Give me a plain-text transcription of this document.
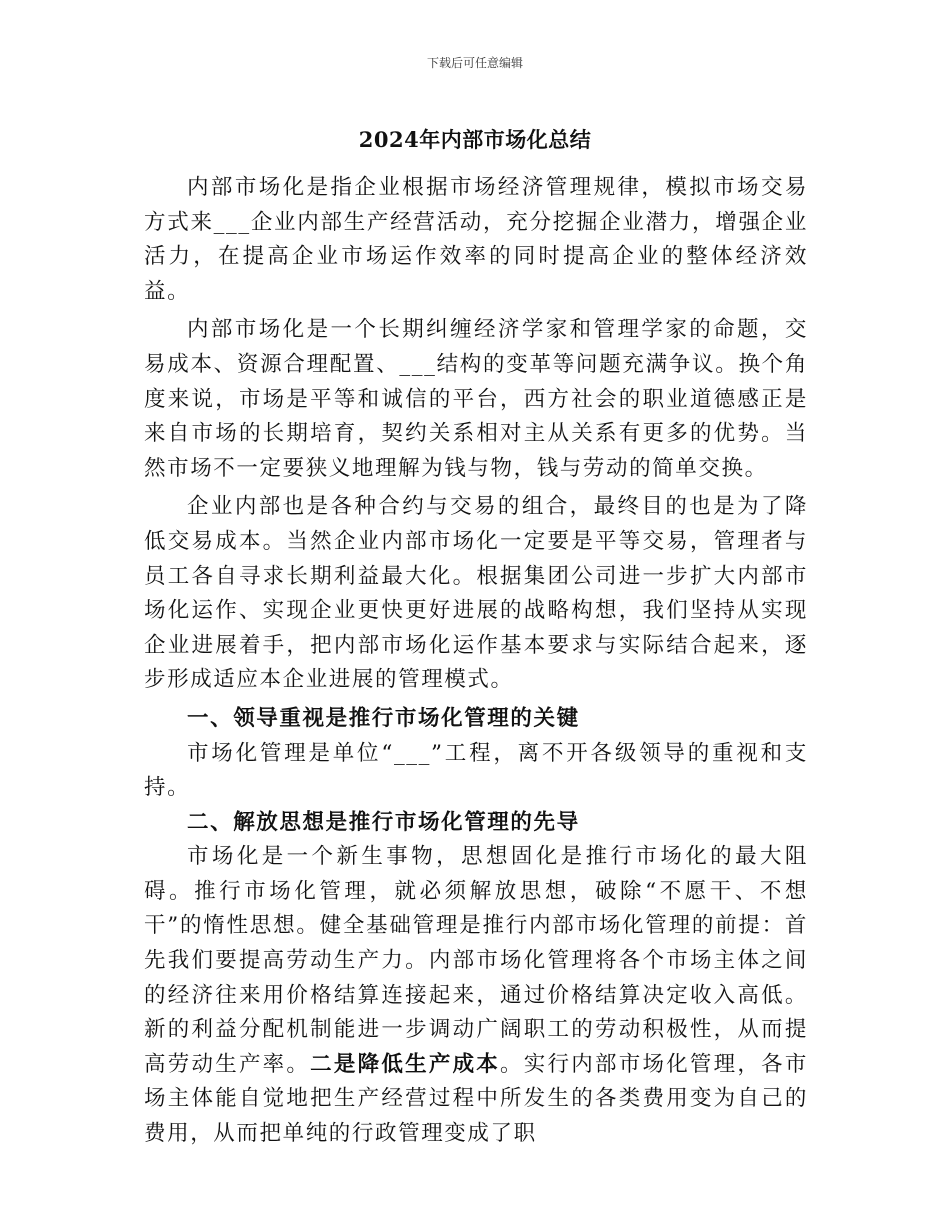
下载后可任意编辑
2024年内部市场化总结

内部市场化是指企业根据市场经济管理规律，模拟市场交易方式来___企业内部生产经营活动，充分挖掘企业潜力，增强企业活力，在提高企业市场运作效率的同时提高企业的整体经济效益。

内部市场化是一个长期纠缠经济学家和管理学家的命题，交易成本、资源合理配置、___结构的变革等问题充满争议。换个角度来说，市场是平等和诚信的平台，西方社会的职业道德感正是来自市场的长期培育，契约关系相对主从关系有更多的优势。当然市场不一定要狭义地理解为钱与物，钱与劳动的简单交换。

企业内部也是各种合约与交易的组合，最终目的也是为了降低交易成本。当然企业内部市场化一定要是平等交易，管理者与员工各自寻求长期利益最大化。根据集团公司进一步扩大内部市场化运作、实现企业更快更好进展的战略构想，我们坚持从实现企业进展着手，把内部市场化运作基本要求与实际结合起来，逐步形成适应本企业进展的管理模式。

一、领导重视是推行市场化管理的关键

市场化管理是单位“___”工程，离不开各级领导的重视和支持。

二、解放思想是推行市场化管理的先导

市场化是一个新生事物，思想固化是推行市场化的最大阻碍。推行市场化管理，就必须解放思想，破除“不愿干、不想干”的惰性思想。健全基础管理是推行内部市场化管理的前提：首先我们要提高劳动生产力。内部市场化管理将各个市场主体之间的经济往来用价格结算连接起来，通过价格结算决定收入高低。新的利益分配机制能进一步调动广阔职工的劳动积极性，从而提高劳动生产率。二是降低生产成本。实行内部市场化管理，各市场主体能自觉地把生产经营过程中所发生的各类费用变为自己的费用，从而把单纯的行政管理变成了职
